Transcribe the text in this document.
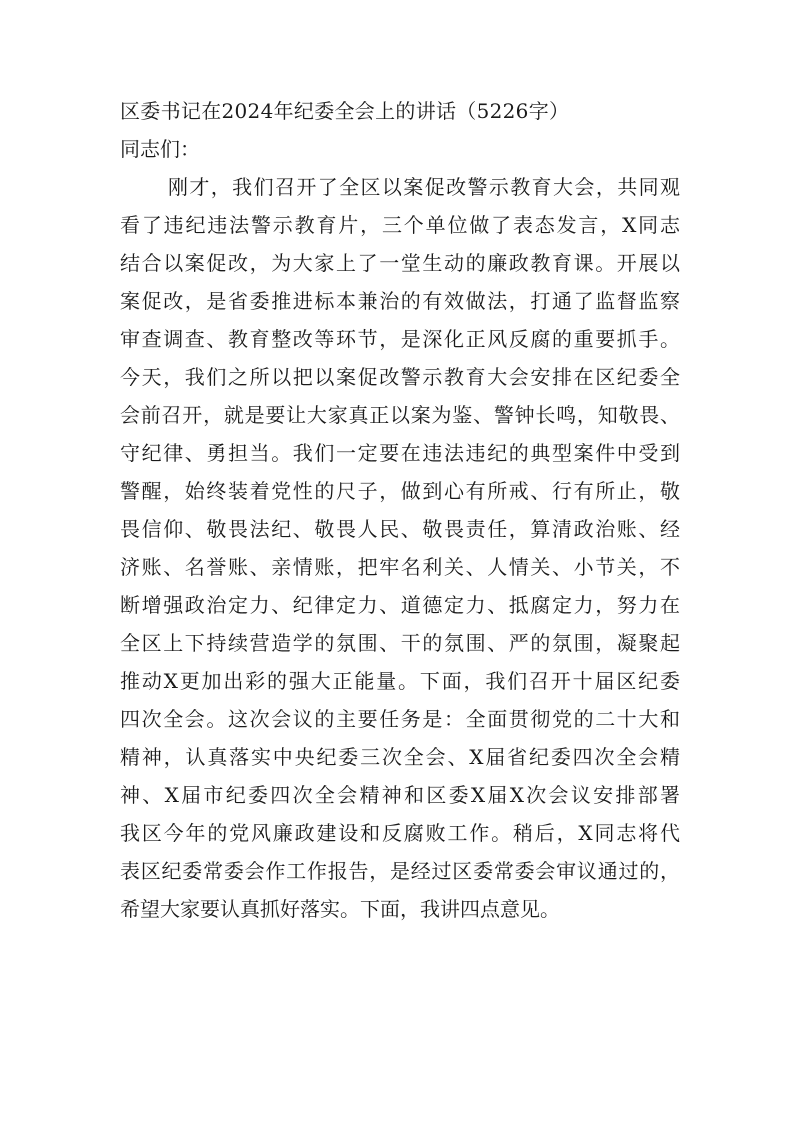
区委书记在2024年纪委全会上的讲话（5226字）
同志们：
刚才，我们召开了全区以案促改警示教育大会，共同观
看了违纪违法警示教育片，三个单位做了表态发言，X同志
结合以案促改，为大家上了一堂生动的廉政教育课。开展以
案促改，是省委推进标本兼治的有效做法，打通了监督监察
审查调查、教育整改等环节，是深化正风反腐的重要抓手。
今天，我们之所以把以案促改警示教育大会安排在区纪委全
会前召开，就是要让大家真正以案为鉴、警钟长鸣，知敬畏、
守纪律、勇担当。我们一定要在违法违纪的典型案件中受到
警醒，始终装着党性的尺子，做到心有所戒、行有所止，敬
畏信仰、敬畏法纪、敬畏人民、敬畏责任，算清政治账、经
济账、名誉账、亲情账，把牢名利关、人情关、小节关，不
断增强政治定力、纪律定力、道德定力、抵腐定力，努力在
全区上下持续营造学的氛围、干的氛围、严的氛围，凝聚起
推动X更加出彩的强大正能量。下面，我们召开十届区纪委
四次全会。这次会议的主要任务是：全面贯彻党的二十大和
精神，认真落实中央纪委三次全会、X届省纪委四次全会精
神、X届市纪委四次全会精神和区委X届X次会议安排部署
我区今年的党风廉政建设和反腐败工作。稍后，X同志将代
表区纪委常委会作工作报告，是经过区委常委会审议通过的，
希望大家要认真抓好落实。下面，我讲四点意见。
